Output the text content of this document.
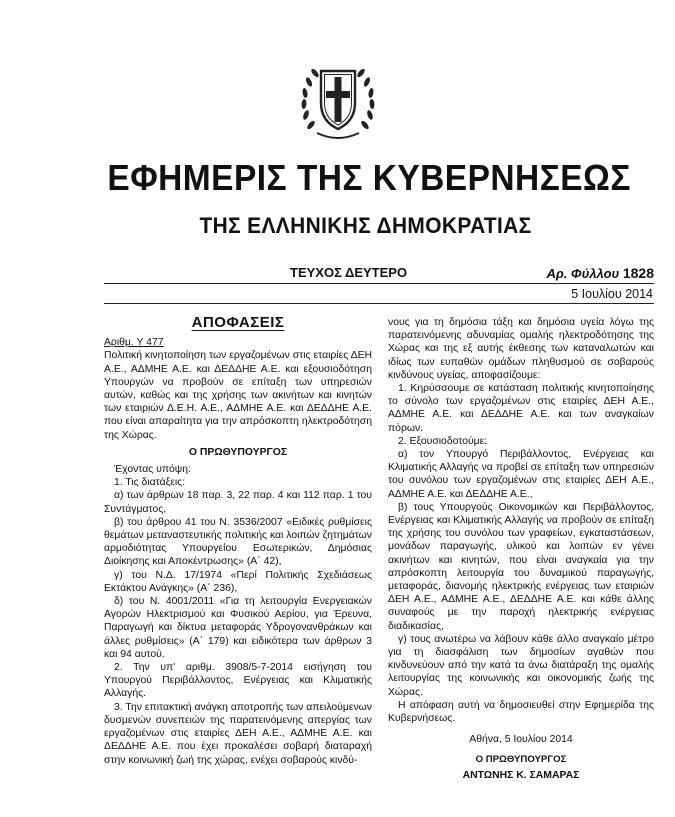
ΕΦΗΜΕΡΙΣ ΤΗΣ ΚΥΒΕΡΝΗΣΕΩΣ
ΤΗΣ ΕΛΛΗΝΙΚΗΣ ΔΗΜΟΚΡΑΤΙΑΣ
ΤΕΥΧΟΣ ΔΕΥΤΕΡΟ	Αρ. Φύλλου 1828
5 Ιουλίου 2014
ΑΠΟΦΑΣΕΙΣ

Αριθμ. Υ 477

Πολιτική κινητοποίηση των εργαζομένων στις εταιρίες ΔΕΗ Α.Ε., ΑΔΜΗΕ Α.Ε. και ΔΕΔΔΗΕ Α.Ε. και εξουσιοδότηση Υπουργών να προβούν σε επίταξη των υπηρεσιών αυτών, καθώς και της χρήσης των ακινήτων και κινητών των εταιριών Δ.Ε.Η. Α.Ε., ΑΔΜΗΕ Α.Ε. και ΔΕΔΔΗΕ Α.Ε. που είναι απαραίτητα για την απρόσκοπτη ηλεκτροδότηση της Χώρας.

Ο ΠΡΩΘΥΠΟΥΡΓΟΣ

Έχοντας υπόψη:

1. Τις διατάξεις:

α) των άρθρων 18 παρ. 3, 22 παρ. 4 και 112 παρ. 1 του Συντάγματος,

β) του άρθρου 41 του Ν. 3536/2007 «Ειδικές ρυθμίσεις θεμάτων μεταναστευτικής πολιτικής και λοιπών ζητημάτων αρμοδιότητας Υπουργείου Εσωτερικών, Δημόσιας Διοίκησης και Αποκέντρωσης» (Α΄ 42),

γ) του Ν.Δ. 17/1974 «Περί Πολιτικής Σχεδιάσεως Εκτάκτου Ανάγκης» (Α΄ 236),

δ) του Ν. 4001/2011 «Για τη λειτουργία Ενεργειακών Αγορών Ηλεκτρισμού και Φυσικού Αερίου, για Έρευνα, Παραγωγή και δίκτυα μεταφοράς Υδρογονανθράκων και άλλες ρυθμίσεις» (Α΄ 179) και ειδικότερα των άρθρων 3 και 94 αυτού.

2. Την υπ' αριθμ. 3908/5-7-2014 εισήγηση του Υπουργού Περιβάλλοντος, Ενέργειας και Κλιματικής Αλλαγής.

3. Την επιτακτική ανάγκη αποτροπής των απειλούμενων δυσμενών συνεπειών της παρατεινόμενης απεργίας των εργαζομένων στις εταιρίες ΔΕΗ Α.Ε., ΑΔΜΗΕ Α.Ε. και ΔΕΔΔΗΕ Α.Ε. που έχει προκαλέσει σοβαρή διαταραχή στην κοινωνική ζωή της χώρας, ενέχει σοβαρούς κινδύ-

νους για τη δημόσια τάξη και δημόσια υγεία λόγω της παρατεινόμενης αδυναμίας ομαλής ηλεκτροδότησης της Χώρας και της εξ αυτής έκθεσης των καταναλωτών και ιδίως των ευπαθών ομάδων πληθυσμού σε σοβαρούς κινδύνους υγείας, αποφασίζουμε:

1. Κηρύσσουμε σε κατάσταση πολιτικής κινητοποίησης το σύνολο των εργαζομένων στις εταιρίες ΔΕΗ Α.Ε., ΑΔΜΗΕ Α.Ε. και ΔΕΔΔΗΕ Α.Ε. και των αναγκαίων πόρων.

2. Εξουσιοδοτούμε:

α) τον Υπουργό Περιβάλλοντος, Ενέργειας και Κλιματικής Αλλαγής να προβεί σε επίταξη των υπηρεσιών του συνόλου των εργαζομένων στις εταιρίες ΔΕΗ Α.Ε., ΑΔΜΗΕ Α.Ε. και ΔΕΔΔΗΕ Α.Ε.,

β) τους Υπουργούς Οικονομικών και Περιβάλλοντος, Ενέργειας και Κλιματικής Αλλαγής να προβούν σε επίταξη της χρήσης του συνόλου των γραφείων, εγκαταστάσεων, μονάδων παραγωγής, υλικού και λοιπών εν γένει ακινήτων και κινητών, που είναι αναγκαία για την απρόσκοπτη λειτουργία του δυναμικού παραγωγής, μεταφοράς, διανομής ηλεκτρικής ενέργειας των εταιριών ΔΕΗ Α.Ε., ΑΔΜΗΕ Α.Ε., ΔΕΔΔΗΕ Α.Ε. και κάθε άλλης συναφούς με την παροχή ηλεκτρικής ενέργειας διαδικασίας,

γ) τους ανωτέρω να λάβουν κάθε άλλο αναγκαίο μέτρο για τη διασφάλιση των δημοσίων αγαθών που κινδυνεύουν από την κατά τα άνω διατάραξη της ομαλής λειτουργίας της κοινωνικής και οικονομικής ζωής της Χώρας.

Η απόφαση αυτή να δημοσιευθεί στην Εφημερίδα της Κυβερνήσεως.

Αθήνα, 5 Ιουλίου 2014

Ο ΠΡΩΘΥΠΟΥΡΓΟΣ

ΑΝΤΩΝΗΣ Κ. ΣΑΜΑΡΑΣ
